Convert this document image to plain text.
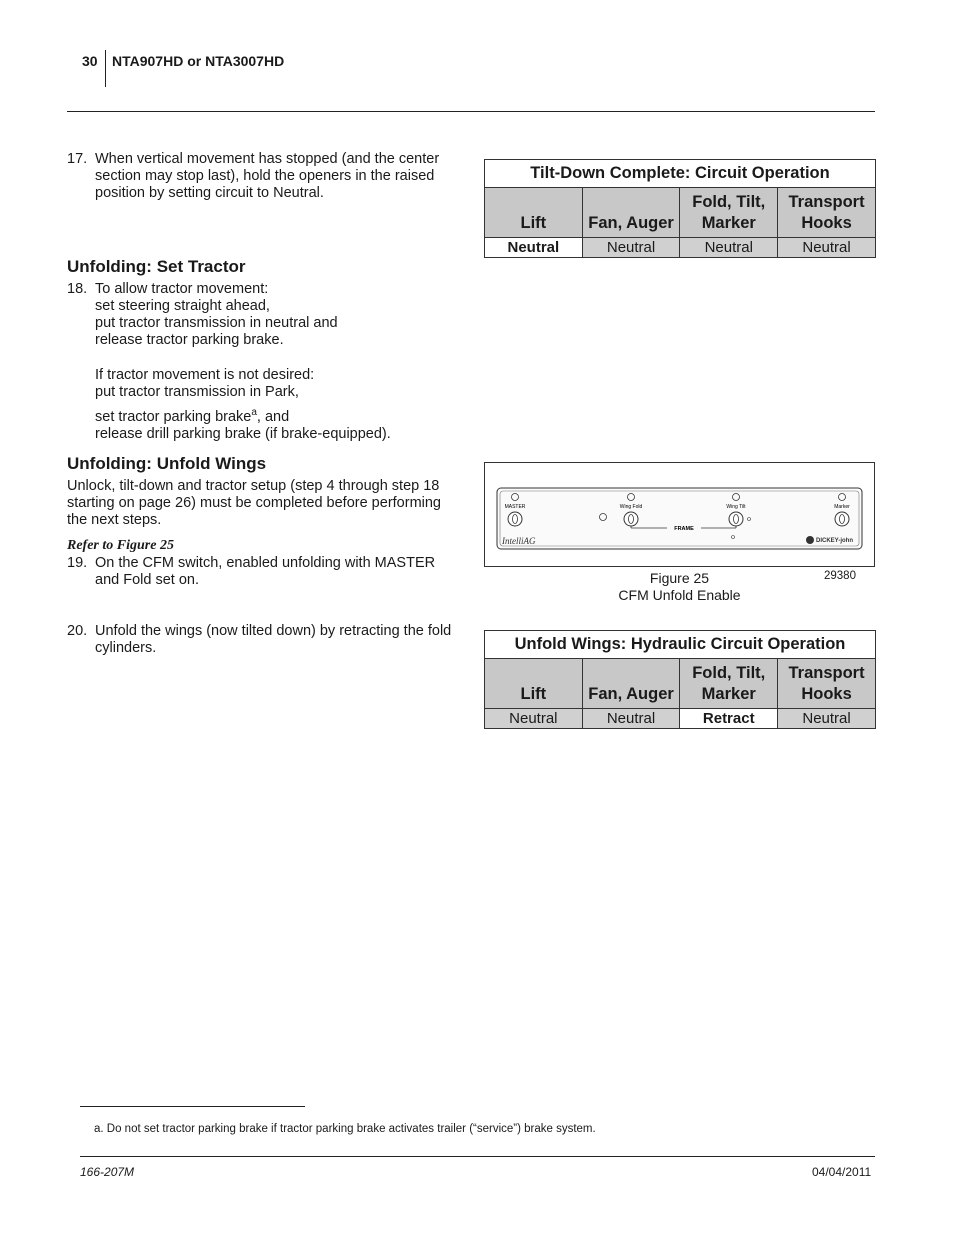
30 NTA907HD or NTA3007HD
17. When vertical movement has stopped (and the center section may stop last), hold the openers in the raised position by setting circuit to Neutral.
Tilt-Down Complete: Circuit Operation			
Lift	Fan, Auger	Fold, Tilt, Marker	Transport Hooks
Neutral	Neutral	Neutral	Neutral
Unfolding: Set Tractor
18. To allow tractor movement:
set steering straight ahead,
put tractor transmission in neutral and
release tractor parking brake.
If tractor movement is not desired:
put tractor transmission in Park,
set tractor parking brake$^a$, and
release drill parking brake (if brake-equipped).
Unfolding: Unfold Wings
Unlock, tilt-down and tractor setup (step 4 through step 18 starting on page 26) must be completed before performing the next steps.
Refer to Figure 25
19. On the CFM switch, enabled unfolding with MASTER and Fold set on.
20. Unfold the wings (now tilted down) by retracting the fold cylinders.
MASTER	Wing Fold	Wing Tilt	Marker
FRAME
IntelliAG	DICKEY-john
Figure 25
CFM Unfold Enable
29380
Unfold Wings: Hydraulic Circuit Operation			
Lift	Fan, Auger	Fold, Tilt, Marker	Transport Hooks
Neutral	Neutral	Retract	Neutral
a. Do not set tractor parking brake if tractor parking brake activates trailer (“service”) brake system.
166-207M	04/04/2011
